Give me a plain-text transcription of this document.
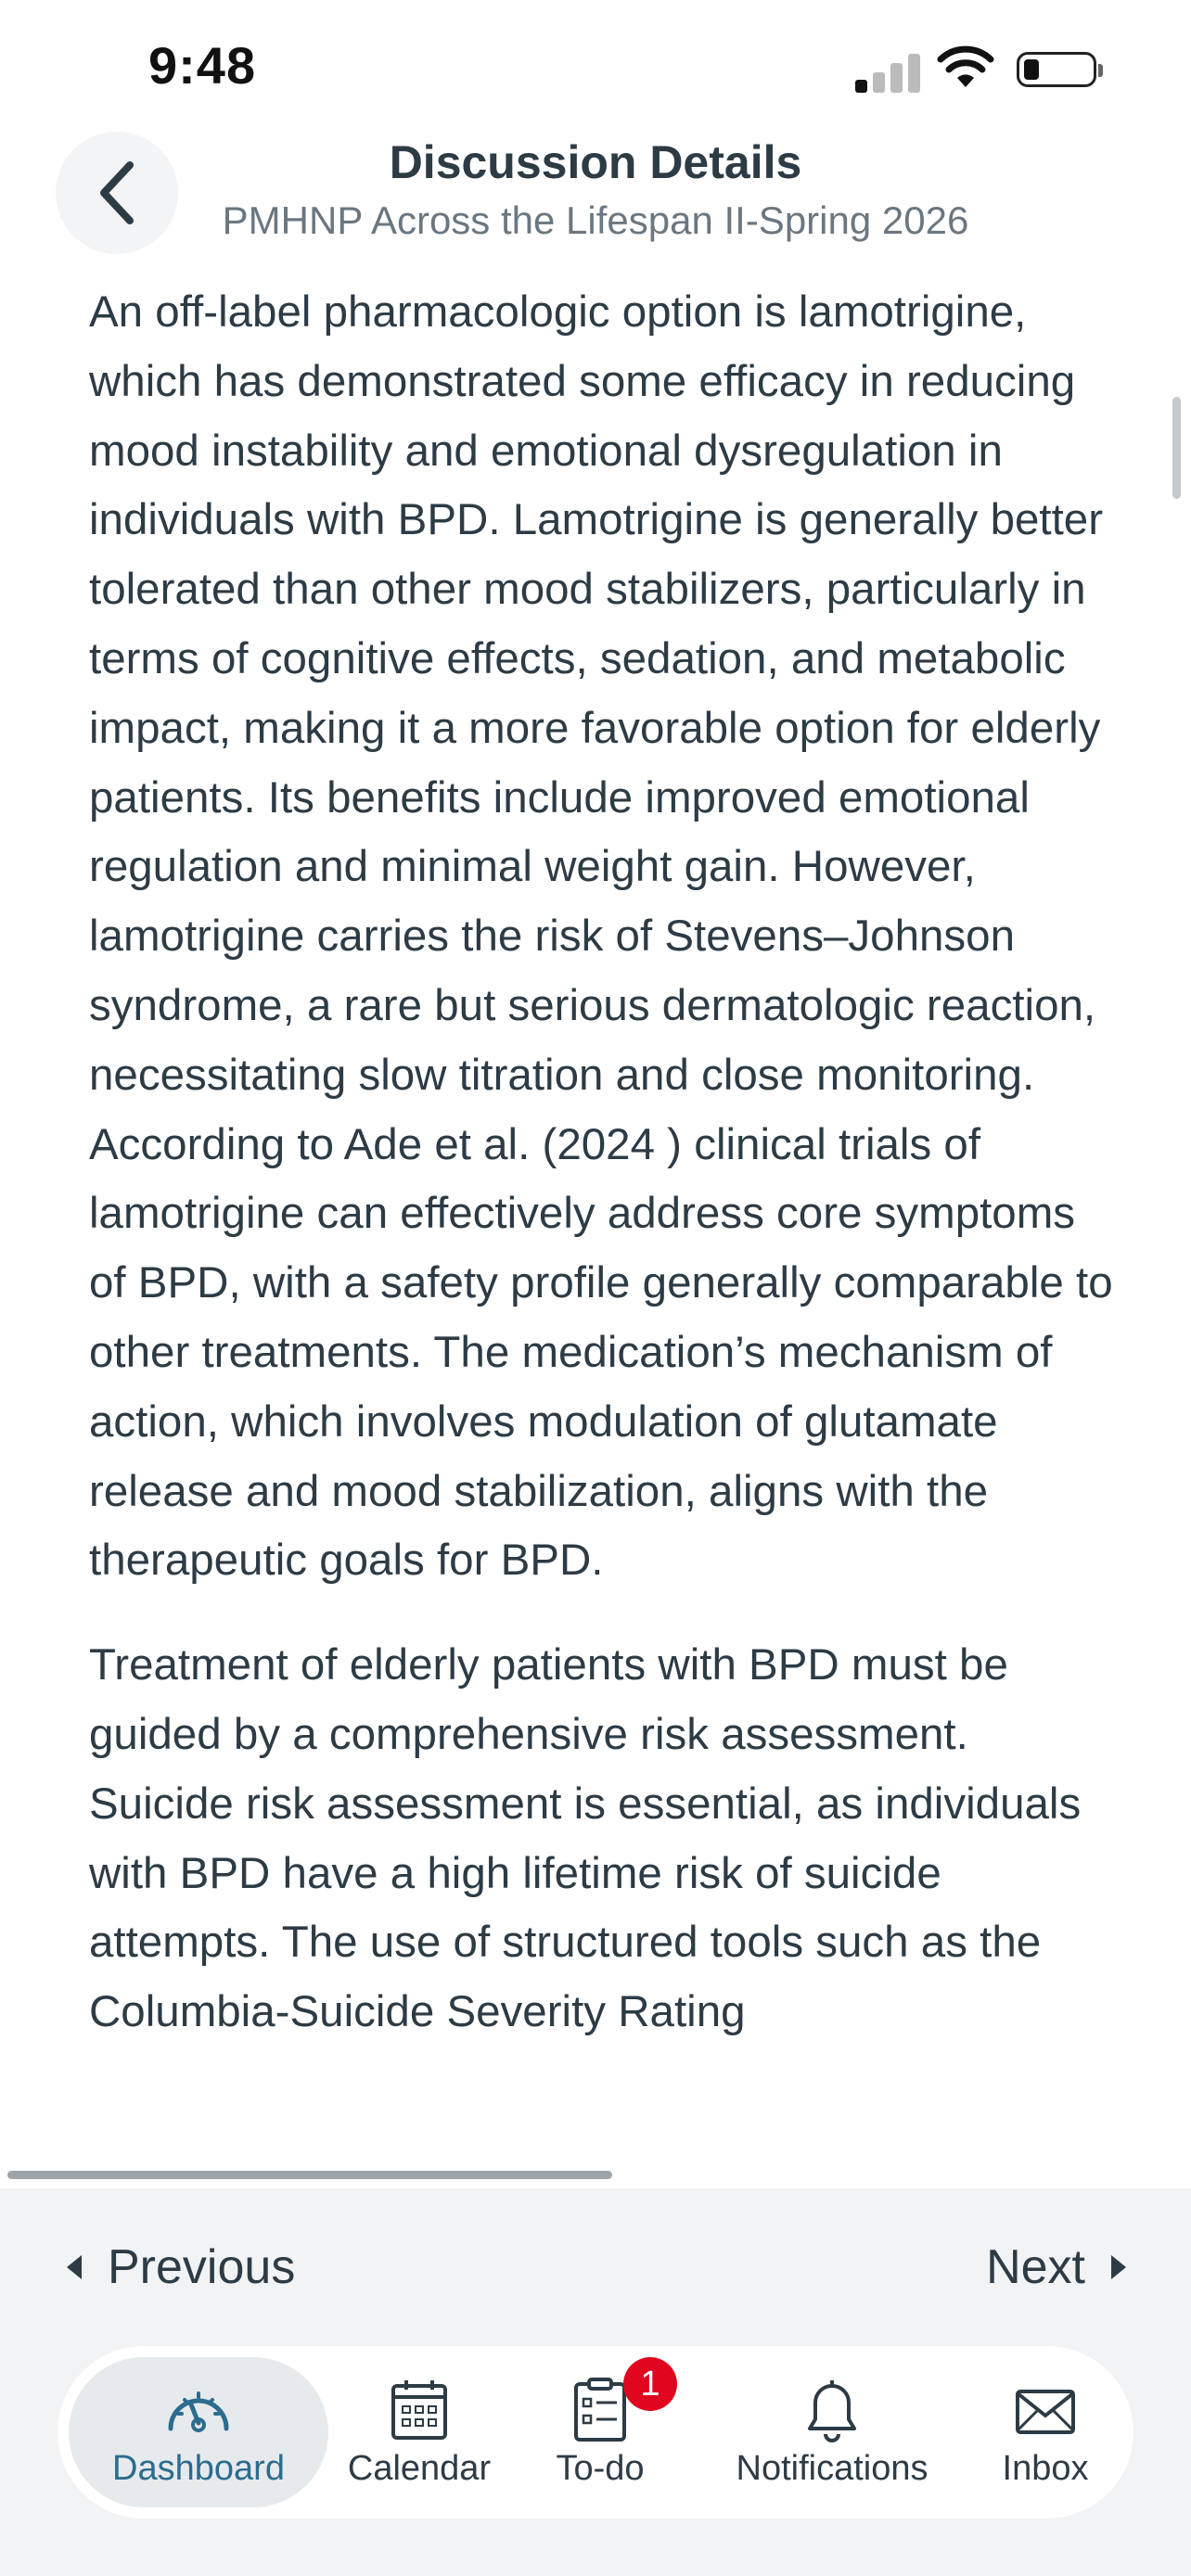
9:48
Discussion Details
PMHNP Across the Lifespan II-Spring 2026

An off-label pharmacologic option is lamotrigine, which has demonstrated some efficacy in reducing mood instability and emotional dysregulation in individuals with BPD. Lamotrigine is generally better tolerated than other mood stabilizers, particularly in terms of cognitive effects, sedation, and metabolic impact, making it a more favorable option for elderly patients. Its benefits include improved emotional regulation and minimal weight gain. However, lamotrigine carries the risk of Stevens–Johnson syndrome, a rare but serious dermatologic reaction, necessitating slow titration and close monitoring. According to Ade et al. (2024 ) clinical trials of lamotrigine can effectively address core symptoms of BPD, with a safety profile generally comparable to other treatments. The medication’s mechanism of action, which involves modulation of glutamate release and mood stabilization, aligns with the therapeutic goals for BPD.

Treatment of elderly patients with BPD must be guided by a comprehensive risk assessment. Suicide risk assessment is essential, as individuals with BPD have a high lifetime risk of suicide attempts. The use of structured tools such as the Columbia-Suicide Severity Rating

Previous	Next
Dashboard Calendar To-do
1
Notifications Inbox
